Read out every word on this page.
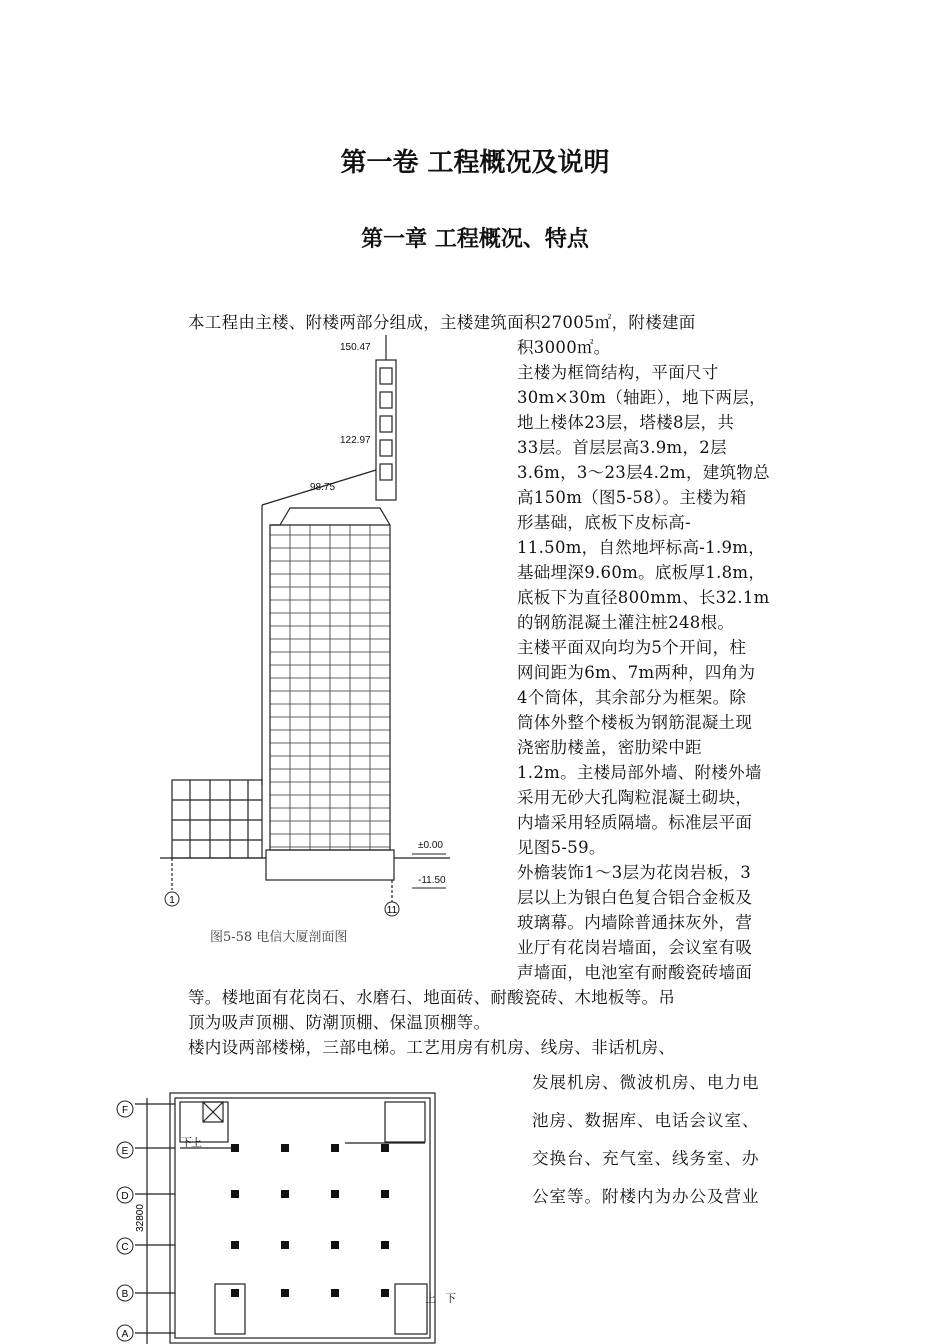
第一卷 工程概况及说明
第一章 工程概况、特点
本工程由主楼、附楼两部分组成，主楼建筑面积27005㎡，附楼建面
积3000㎡。
主楼为框筒结构，平面尺寸
30m×30m（轴距），地下两层，
地上楼体23层，塔楼8层，共
33层。首层层高3.9m，2层
3.6m，3～23层4.2m，建筑物总
高150m（图5-58）。主楼为箱
形基础，底板下皮标高-
11.50m，自然地坪标高-1.9m，
基础埋深9.60m。底板厚1.8m，
底板下为直径800mm、长32.1m
的钢筋混凝土灌注桩248根。
主楼平面双向均为5个开间，柱
网间距为6m、7m两种，四角为
4个筒体，其余部分为框架。除
筒体外整个楼板为钢筋混凝土现
浇密肋楼盖，密肋梁中距
1.2m。主楼局部外墙、附楼外墙
采用无砂大孔陶粒混凝土砌块，
内墙采用轻质隔墙。标准层平面
见图5-59。
外檐装饰1～3层为花岗岩板，3
层以上为银白色复合铝合金板及
玻璃幕。内墙除普通抹灰外，营
业厅有花岗岩墙面，会议室有吸
声墙面，电池室有耐酸瓷砖墙面
等。楼地面有花岗石、水磨石、地面砖、耐酸瓷砖、木地板等。吊
顶为吸声顶棚、防潮顶棚、保温顶棚等。
楼内设两部楼梯，三部电梯。工艺用房有机房、线房、非话机房、
发展机房、微波机房、电力电
池房、数据库、电话会议室、
交换台、充气室、线务室、办
公室等。附楼内为办公及营业
150.47
122.97
98.75
±0.00
-11.50
1
11
图5-58 电信大厦剖面图
下 上
上 下
32800
F
E
D
C
B
A
